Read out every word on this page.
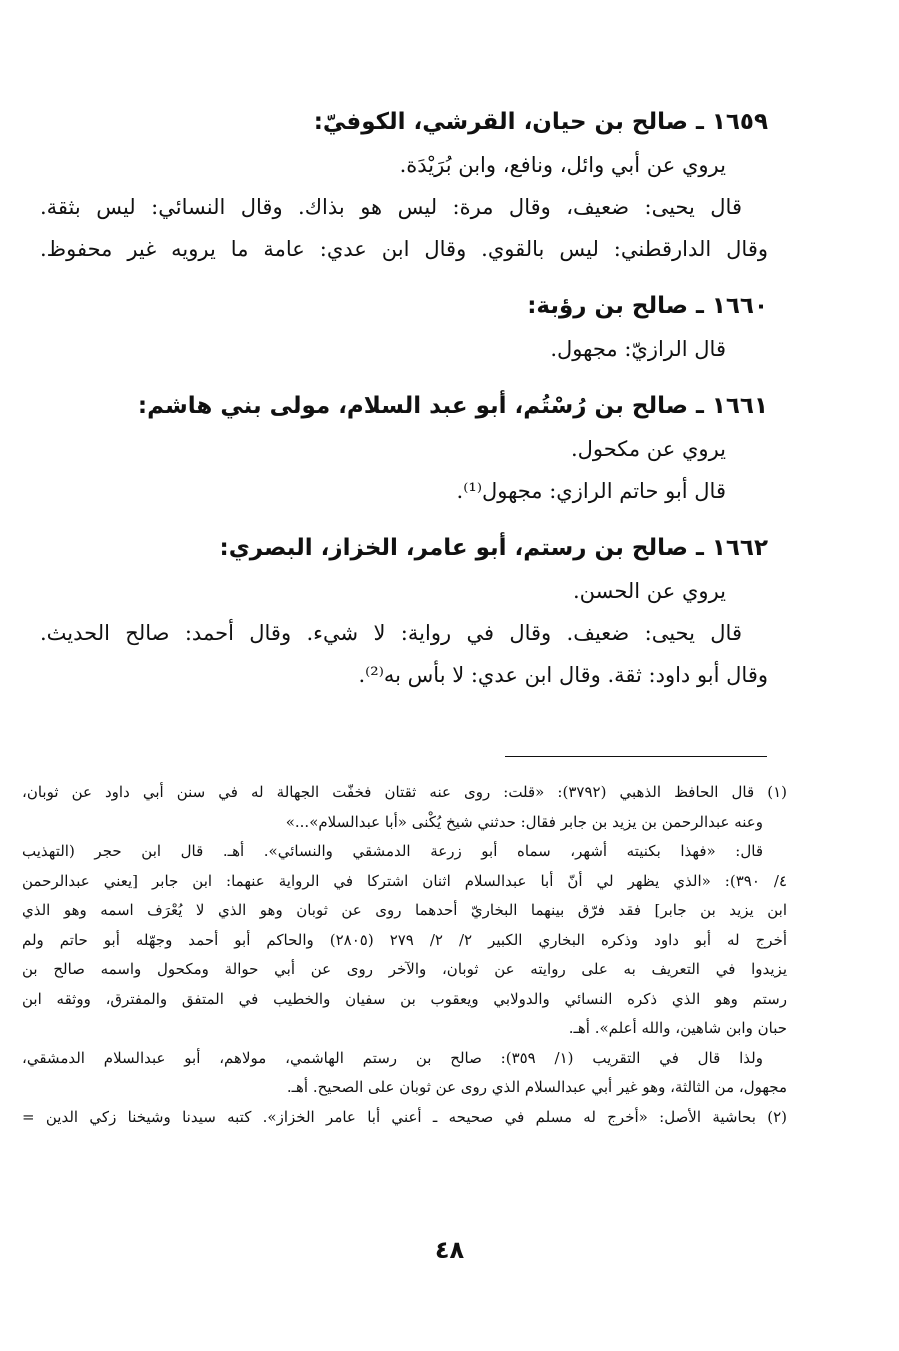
١٦٥٩ ـ صالح بن حيان، القرشي، الكوفيّ:
يروي عن أبي وائل، ونافع، وابن بُرَيْدَة.
قال يحيى: ضعيف، وقال مرة: ليس هو بذاك. وقال النسائي: ليس بثقة.
وقال الدارقطني: ليس بالقوي. وقال ابن عدي: عامة ما يرويه غير محفوظ.
١٦٦٠ ـ صالح بن رؤبة:
قال الرازيّ: مجهول.
١٦٦١ ـ صالح بن رُسْتُم، أبو عبد السلام، مولى بني هاشم:
يروي عن مكحول.
قال أبو حاتم الرازي: مجهول⁽¹⁾.
١٦٦٢ ـ صالح بن رستم، أبو عامر، الخزاز، البصري:
يروي عن الحسن.
قال يحيى: ضعيف. وقال في رواية: لا شيء. وقال أحمد: صالح الحديث.
وقال أبو داود: ثقة. وقال ابن عدي: لا بأس به⁽²⁾.
(١) قال الحافظ الذهبي (٣٧٩٢): «قلت: روى عنه ثقتان فخفّت الجهالة له في سنن أبي داود عن ثوبان،
وعنه عبدالرحمن بن يزيد بن جابر فقال: حدثني شيخ يُكْنى «أبا عبدالسلام»...»
قال: «فهذا بكنيته أشهر، سماه أبو زرعة الدمشقي والنسائي». أهـ. قال ابن حجر (التهذيب
٤/ ٣٩٠): «الذي يظهر لي أنّ أبا عبدالسلام اثنان اشتركا في الرواية عنهما: ابن جابر [يعني عبدالرحمن
ابن يزيد بن جابر] فقد فرّق بينهما البخاريّ أحدهما روى عن ثوبان وهو الذي لا يُعْرَف اسمه وهو الذي
أخرج له أبو داود وذكره البخاري الكبير ٢/ ٢/ ٢٧٩ (٢٨٠٥) والحاكم أبو أحمد وجهّله أبو حاتم ولم
يزيدوا في التعريف به على روايته عن ثوبان، والآخر روى عن أبي حوالة ومكحول واسمه صالح بن
رستم وهو الذي ذكره النسائي والدولابي ويعقوب بن سفيان والخطيب في المتفق والمفترق، ووثقه ابن
حبان وابن شاهين، والله أعلم». أهـ.
ولذا قال في التقريب (١/ ٣٥٩): صالح بن رستم الهاشمي، مولاهم، أبو عبدالسلام الدمشقي،
مجهول، من الثالثة، وهو غير أبي عبدالسلام الذي روى عن ثوبان على الصحيح. أهـ.
(٢) بحاشية الأصل: «أخرج له مسلم في صحيحه ـ أعني أبا عامر الخزاز». كتبه سيدنا وشيخنا زكي الدين =
٤٨
